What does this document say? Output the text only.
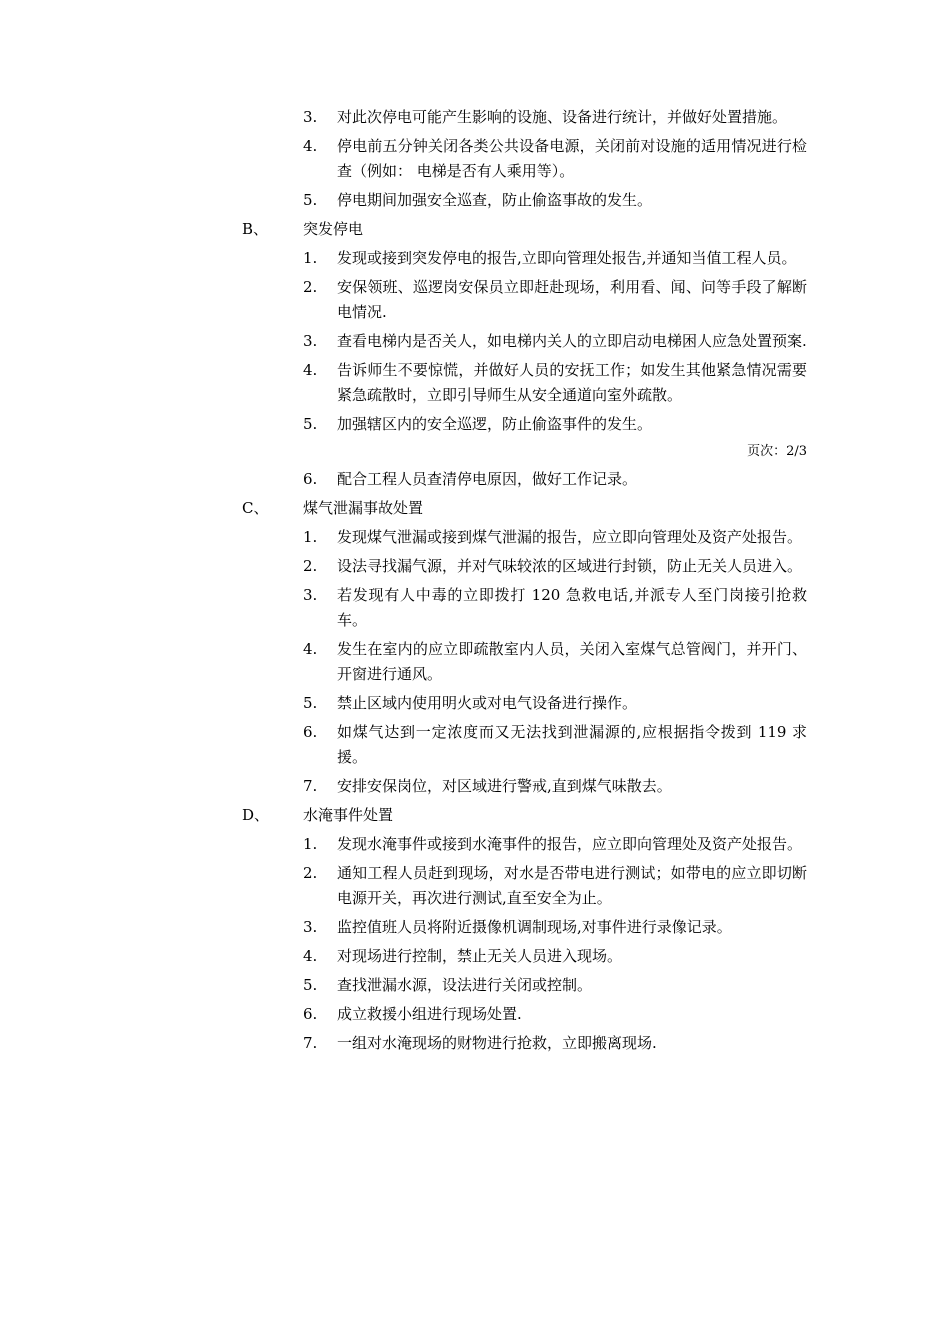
3.	对此次停电可能产生影响的设施、设备进行统计，并做好处置措施。
4.	停电前五分钟关闭各类公共设备电源，关闭前对设施的适用情况进行检查（例如： 电梯是否有人乘用等）。
5.	停电期间加强安全巡查，防止偷盗事故的发生。
B、 突发停电
1.	发现或接到突发停电的报告,立即向管理处报告,并通知当值工程人员。
2.	安保领班、巡逻岗安保员立即赶赴现场，利用看、闻、问等手段了解断电情况.
3.	查看电梯内是否关人，如电梯内关人的立即启动电梯困人应急处置预案.
4.	告诉师生不要惊慌，并做好人员的安抚工作；如发生其他紧急情况需要紧急疏散时，立即引导师生从安全通道向室外疏散。
5.	加强辖区内的安全巡逻，防止偷盗事件的发生。
页次：2/3
6.	配合工程人员查清停电原因，做好工作记录。
C、 煤气泄漏事故处置
1.	发现煤气泄漏或接到煤气泄漏的报告，应立即向管理处及资产处报告。
2.	设法寻找漏气源，并对气味较浓的区域进行封锁，防止无关人员进入。
3.	若发现有人中毒的立即拨打 120 急救电话,并派专人至门岗接引抢救车。
4.	发生在室内的应立即疏散室内人员，关闭入室煤气总管阀门，并开门、开窗进行通风。
5.	禁止区域内使用明火或对电气设备进行操作。
6.	如煤气达到一定浓度而又无法找到泄漏源的,应根据指令拨到 119 求援。
7.	安排安保岗位，对区域进行警戒,直到煤气味散去。
D、 水淹事件处置
1.	发现水淹事件或接到水淹事件的报告，应立即向管理处及资产处报告。
2.	通知工程人员赶到现场，对水是否带电进行测试；如带电的应立即切断电源开关，再次进行测试,直至安全为止。
3.	监控值班人员将附近摄像机调制现场,对事件进行录像记录。
4.	对现场进行控制，禁止无关人员进入现场。
5.	查找泄漏水源，设法进行关闭或控制。
6.	成立救援小组进行现场处置.
7.	一组对水淹现场的财物进行抢救，立即搬离现场.
